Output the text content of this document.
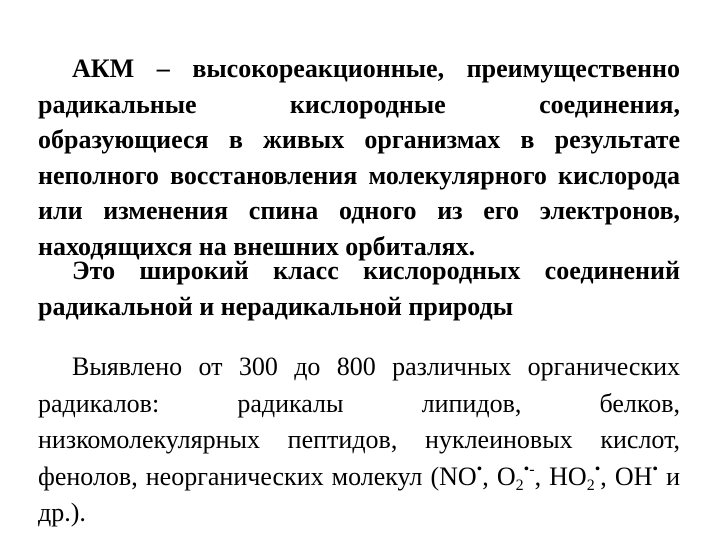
АКМ – высокореакционные, преимущественно радикальные кислородные соединения, образующиеся в живых организмах в результате неполного восстановления молекулярного кислорода или изменения спина одного из его электронов, находящихся на внешних орбиталях.

Это широкий класс кислородных соединений радикальной и нерадикальной природы

Выявлено от 300 до 800 различных органических радикалов: радикалы липидов, белков, низкомолекулярных пептидов, нуклеиновых кислот, фенолов, неорганических молекул (NO•, $O_2^{•-}$, $HO_2^•$, OH• и др.).
